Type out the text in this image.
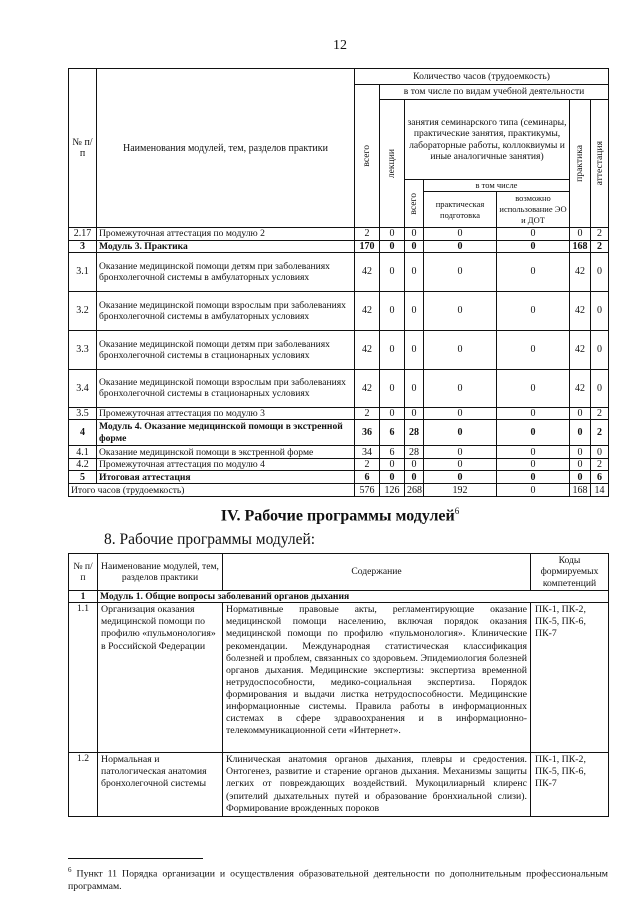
12
№ п/ п	Наименования модулей, тем, разделов практики	Количество часов (трудоемкость)						

		всего	в том числе по видам учебной деятельности					

			лекции	занятия семинарского типа (семинары, практические занятия, практикумы, лабораторные работы, коллоквиумы и иные аналогичные занятия)			практика	аттестация

				всего	в том числе			
					практическая подготовка	возможно использование ЭО и ДОТ		

2.17	Промежуточная аттестация по модулю 2	2	0	0	0	0	0	2
3	Модуль 3. Практика	170	0	0	0	0	168	2
3.1	Оказание медицинской помощи детям при заболеваниях бронхолегочной системы в амбулаторных условиях	42	0	0	0	0	42	0
3.2	Оказание медицинской помощи взрослым при заболеваниях бронхолегочной системы в амбулаторных условиях	42	0	0	0	0	42	0
3.3	Оказание медицинской помощи детям при заболеваниях бронхолегочной системы в стационарных условиях	42	0	0	0	0	42	0
3.4	Оказание медицинской помощи взрослым при заболеваниях бронхолегочной системы в стационарных условиях	42	0	0	0	0	42	0
3.5	Промежуточная аттестация по модулю 3	2	0	0	0	0	0	2
4	Модуль 4. Оказание медицинской помощи в экстренной форме	36	6	28	0	0	0	2
4.1	Оказание медицинской помощи в экстренной форме	34	6	28	0	0	0	0
4.2	Промежуточная аттестация по модулю 4	2	0	0	0	0	0	2
5	Итоговая аттестация	6	0	0	0	0	0	6
Итого часов (трудоемкость)		576	126	268	192	0	168	14
IV. Рабочие программы модулей$^6$
8. Рабочие программы модулей:
№ п/п	Наименование модулей, тем, разделов практики	Содержание	Коды формируемых компетенций
1	Модуль 1. Общие вопросы заболеваний органов дыхания		
1.1	Организация оказания медицинской помощи по профилю «пульмонология» в Российской Федерации	Нормативные правовые акты, регламентирующие оказание медицинской помощи населению, включая порядок оказания медицинской помощи по профилю «пульмонология». Клинические рекомендации. Международная статистическая классификация болезней и проблем, связанных со здоровьем. Эпидемиология болезней органов дыхания. Медицинские экспертизы: экспертиза временной нетрудоспособности, медико-социальная экспертиза. Порядок формирования и выдачи листка нетрудоспособности. Медицинские информационные системы. Правила работы в информационных системах в сфере здравоохранения и в информационно-телекоммуникационной сети «Интернет».	ПК-1, ПК-2, ПК-5, ПК-6, ПК-7
1.2	Нормальная и патологическая анатомия бронхолегочной системы	Клиническая анатомия органов дыхания, плевры и средостения. Онтогенез, развитие и старение органов дыхания. Механизмы защиты легких от повреждающих воздействий. Мукоцилиарный клиренс (эпителий дыхательных путей и образование бронхиальной слизи). Формирование врожденных пороков	ПК-1, ПК-2, ПК-5, ПК-6, ПК-7
$^6$ Пункт 11 Порядка организации и осуществления образовательной деятельности по дополнительным профессиональным программам.
